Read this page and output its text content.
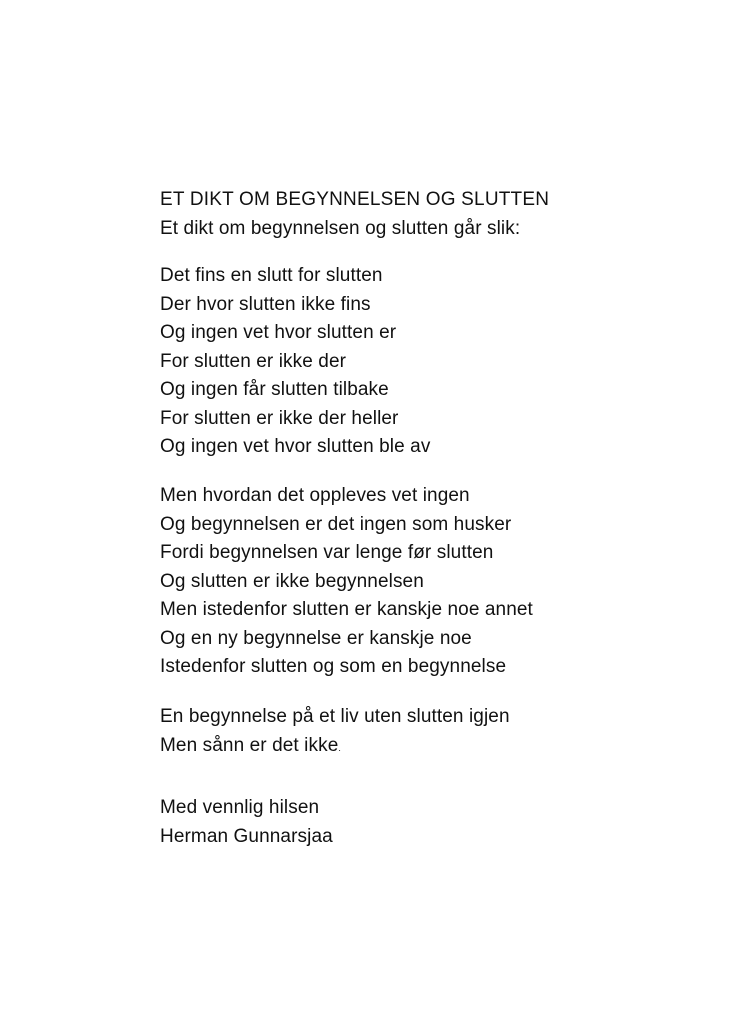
ET DIKT OM BEGYNNELSEN OG SLUTTEN
Et dikt om begynnelsen og slutten går slik:
Det fins en slutt for slutten
Der hvor slutten ikke fins
Og ingen vet hvor slutten er
For slutten er ikke der
Og ingen får slutten tilbake
For slutten er ikke der heller
Og ingen vet hvor slutten ble av
Men hvordan det oppleves vet ingen
Og begynnelsen er det ingen som husker
Fordi begynnelsen var lenge før slutten
Og slutten er ikke begynnelsen
Men istedenfor slutten er kanskje noe annet
Og en ny begynnelse er kanskje noe
Istedenfor slutten og som en begynnelse
En begynnelse på et liv uten slutten igjen
Men sånn er det ikke.
Med vennlig hilsen
Herman Gunnarsjaa
